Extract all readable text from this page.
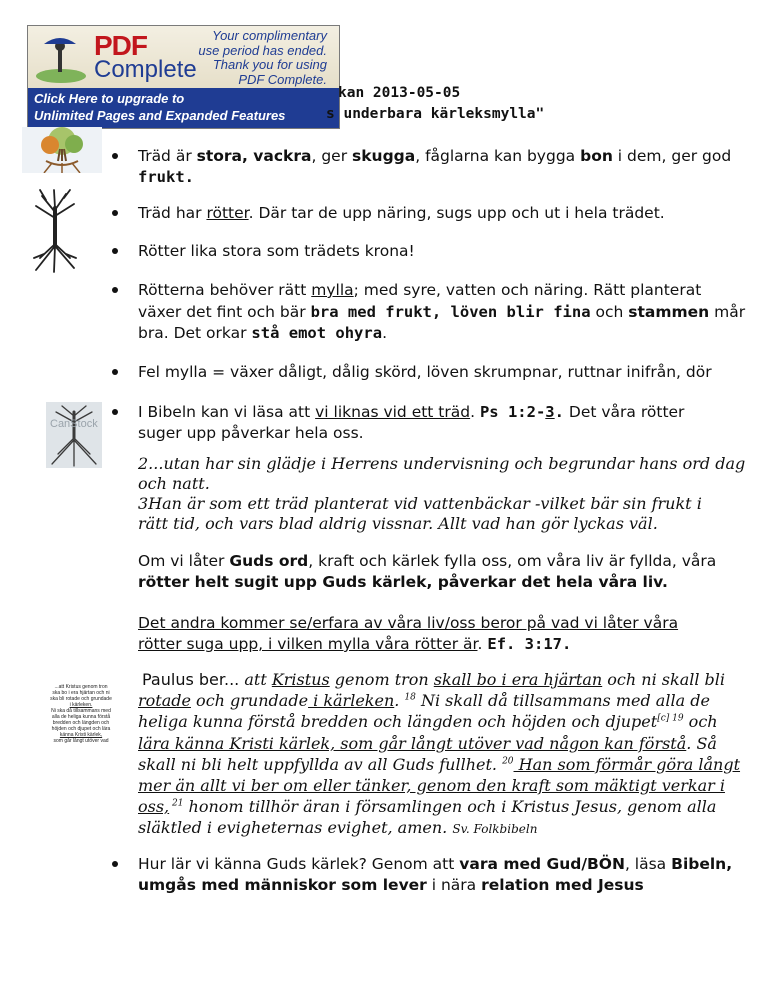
PDF
Complete
Your complimentary
use period has ended.
Thank you for using
PDF Complete.
Click Here to upgrade to
Unlimited Pages and Expanded Features
kan 2013-05-05
s underbara kärleksmylla"
Träd är stora, vackra, ger skugga, fåglarna kan bygga bon i dem, ger god
frukt.
Träd har rötter. Där tar de upp näring, sugs upp och ut i hela trädet.
Rötter lika stora som trädets krona!
Rötterna behöver rätt mylla; med syre, vatten och näring. Rätt planterat
växer det fint och bär bra med frukt, löven blir fina och stammen mår
bra. Det orkar stå emot ohyra.
Fel mylla = växer dåligt, dålig skörd, löven skrumpnar, ruttnar inifrån, dör
CanStock
I Bibeln kan vi läsa att vi liknas vid ett träd. Ps 1:2-3. Det våra rötter
suger upp påverkar hela oss.
2...utan har sin glädje i Herrens undervisning och begrundar hans ord dag
och natt.
3Han är som ett träd planterat vid vattenbäckar -vilket bär sin frukt i
rätt tid, och vars blad aldrig vissnar. Allt vad han gör lyckas väl.
Om vi låter Guds ord, kraft och kärlek fylla oss, om våra liv är fyllda, våra
rötter helt sugit upp Guds kärlek, påverkar det hela våra liv.
Det andra kommer se/erfara av våra liv/oss beror på vad vi låter våra
rötter suga upp, i vilken mylla våra rötter är. Ef. 3:17.
...att Kristus genom tron
ska bo i era hjärtan och ni
ska bli rotade och grundade
i kärleken.
Ni ska då tillsammans med
alla de heliga kunna förstå
bredden och längden och
höjden och djupet och lära
känna Kristi kärlek,
som går långt utöver vad
Paulus ber... att Kristus genom tron skall bo i era hjärtan och ni skall bli
rotade och grundade i kärleken. $^{18}$ Ni skall då tillsammans med alla de
heliga kunna förstå bredden och längden och höjden och djupet[c] $^{19}$ och
lära känna Kristi kärlek, som går långt utöver vad någon kan förstå. Så
skall ni bli helt uppfyllda av all Guds fullhet. $^{20}$ Han som förmår göra långt
mer än allt vi ber om eller tänker, genom den kraft som mäktigt verkar i
oss, $^{21}$ honom tillhör äran i församlingen och i Kristus Jesus, genom alla
släktled i evigheternas evighet, amen. Sv. Folkbibeln
Hur lär vi känna Guds kärlek? Genom att vara med Gud/BÖN, läsa Bibeln,
umgås med människor som lever i nära relation med Jesus
